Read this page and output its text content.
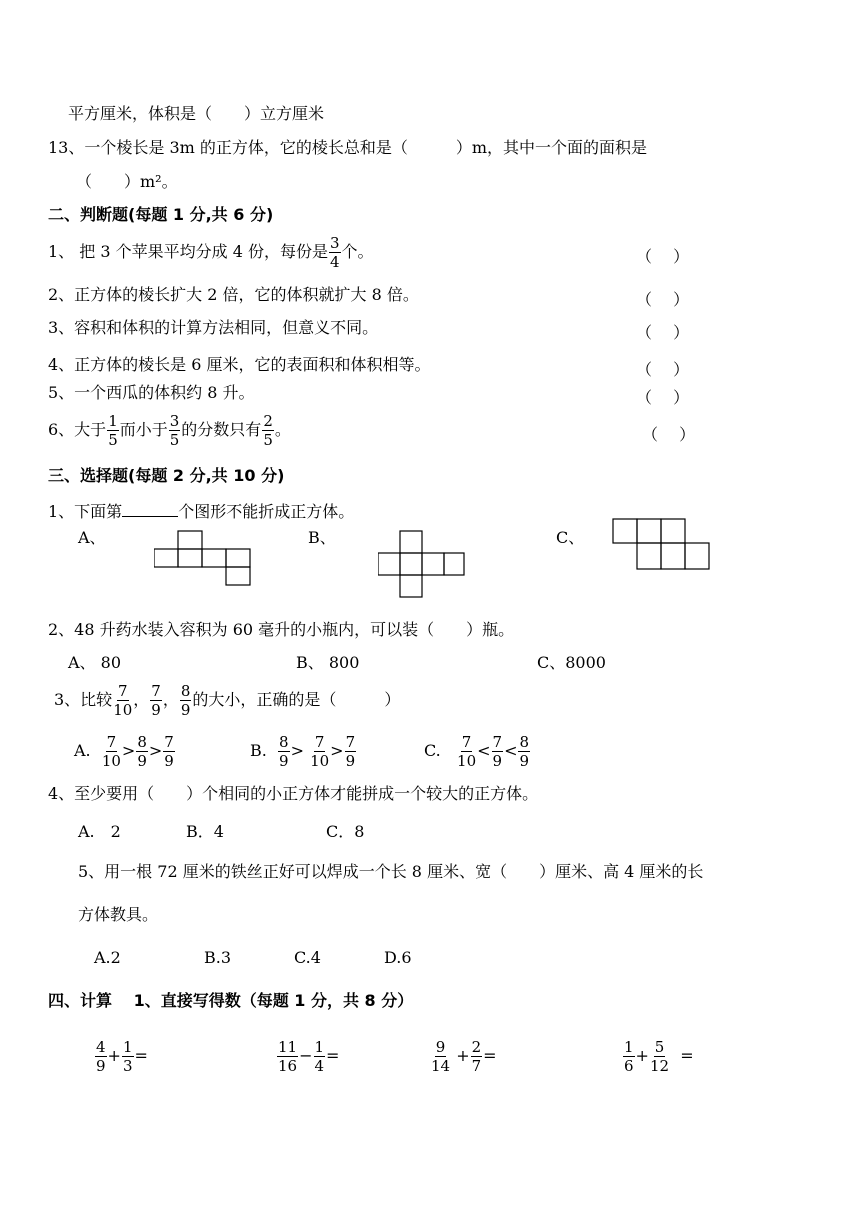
平方厘米，体积是（　　）立方厘米
13、一个棱长是 3m 的正方体，它的棱长总和是（　　　）m，其中一个面的面积是
（　　）m²。
二、判断题(每题 1 分,共 6 分)
1、 把 3 个苹果平均分成 4 份，每份是 $\frac{3}{4}$ 个。	（　 ）
2、正方体的棱长扩大 2 倍，它的体积就扩大 8 倍。	（　 ）
3、容积和体积的计算方法相同，但意义不同。	（　 ）
4、正方体的棱长是 6 厘米，它的表面积和体积相等。	（　 ）
5、一个西瓜的体积约 8 升。	（　 ）
6、大于 $\frac{1}{5}$ 而小于 $\frac{3}{5}$ 的分数只有 $\frac{2}{5}$ 。	（　 ）
三、选择题(每题 2 分,共 10 分)
1、下面第	个图形不能折成正方体。
A、	B、	C、
2、48 升药水装入容积为 60 毫升的小瓶内，可以装（　　）瓶。
A、 80	B、 800	C、8000
3、比较 $\frac{7}{10}$ ， $\frac{7}{9}$ ， $\frac{8}{9}$ 的大小，正确的是（　　　）
A. $\frac{7}{10} > \frac{8}{9} > \frac{7}{9}$	B. $\frac{8}{9} > \frac{7}{10} > \frac{7}{9}$	C. $\frac{7}{10} < \frac{7}{9} < \frac{8}{9}$
4、至少要用（　　）个相同的小正方体才能拼成一个较大的正方体。
A.　2	B．4	C．8
5、用一根 72 厘米的铁丝正好可以焊成一个长 8 厘米、宽（　　）厘米、高 4 厘米的长
方体教具。
A.2	B.3	C.4	D.6
四、计算　 1、直接写得数（每题 1 分，共 8 分）
$\frac{4}{9} + \frac{1}{3}$ =	$\frac{11}{16} - \frac{1}{4}$ =	$\frac{9}{14} + \frac{2}{7}$ =	$\frac{1}{6} + \frac{5}{12}$ =
